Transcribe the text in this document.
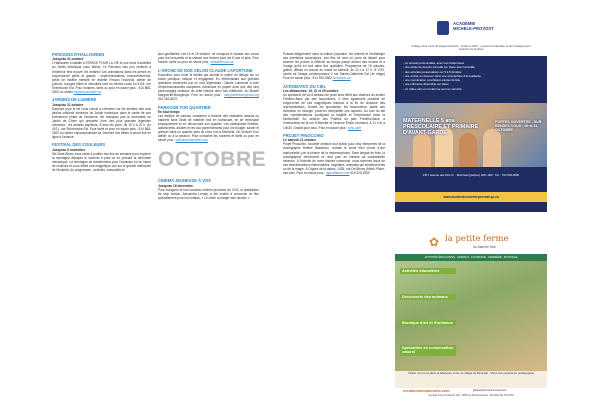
FRISSONS D'HALLOWEEN
Jusqu'au 31 octobre
L'Halloween s'installe à ESPACE POUR LA VIE et une foule d'activités au Jardin botanique vous attend. Le Parcours des peu sentiers à l'extérieur fera trouver les enfants! Les animations dans les serres en surprendront petits et grands : expérimentations, ensorcellements, pièce de théâtre mettant en vedette Frisson l'écureuil, atelier de potions, courges folles et citrouilles sont au rendez-vous! Au 4101, rue Sherbrooke Est. Pour horaires, tarifs ou pour en savoir plus : 514 868-3000 ou visitez espacepourlavie.ca
JARDINS DE LUMIÈRE
Jusqu'au 31 octobre
Explorez pour la vie vous convie à cheminer sur les sentiers des trois jardins culturels lumineux du Jardin botanique dans le cadre de son événement phare de l'automne. Ne manquez pas la nouveauté du Jardin de Chine qui présente l'une des plus grandes légendes chinoises : les amants papillons. À tous les jours, de 19 h à 22 h. Au 4101, rue Sherbrooke Est. Pour tarifs et pour en savoir plus : 514 868-3000 ou visitez espacepourlavie.ca. Achetez vos billets à heure fixe en ligne à l'avance.
FESTIVAL DES COULEURS
Jusqu'au 5 novembre
Ski Saint-Bruno vous invite à profiter des fins de semaine pour explorer la montagne Attrapez le sommet à pied ou en prenant la remontée mécanique. La montagne se transformera pour l'occasion en un havre de couleurs et vous offrira une magnifique vue sur la grande métropole de Montréal. Au programme : activités, mascottes et
jeux gonflables! Les 14 et 15 octobre, ne manquez le chasse aux cocos pour les tout-petits et la chasse aux trésors pour les 6 ans et plus. Pour horaire, tarifs ou pour en savoir plus : skisaintbruno.ca
L'ARCHE DE NOÉ SELON CLAUDE LAFORTUNE
Exposition pour toute la famille qui aborde le mythe du déluge sur un mode poétique, ludique et engageant. En réfléchissant aux grandes questions soulevées par ce récit légendaire, Claude Lafortune a créé d'impressionnantes sculptures d'animaux en papier ainsi que des cinq personnages centraux de cette histoire deux fois millénaire. Au Musée Marguerite-Bourgeoys. Pour en savoir plus : margueritebourgeoys.org 514 282-8670
PARKOUR TON QUARTIER
En tout temps
Les ateliers de parkour consistent à franchir des obstacles urbains ou naturels sans l'aide de matériel tout en s'amusant, en se renforçant physiquement et en découvrant son quartier. Les participants Enfants, adolescents, adultes et les duo parent/enfants pour ont bouger, sauter et grimper dans un quartier près de chez eux à Montréal. On s'inscrit à un atelier ou à la session. Pour connaître les horaires et tarifs ou pour en savoir plus : parkourtonquartier.com
OCTOBRE
CINÉMA JEUNESSE À VOX
Jusqu'au 16 décembre
Pour inaugurer le tout nouveau cinéma jeunesse de VOX, la réalisatrice de stop motion, Alexandra Lemay, a été invitée à concevoir un film spécialement pour les enfants, « Le chien a mangé mes devoirs ».
Puisant allègrement dans la culture populaire, les mèmes et l'esthétique des interfaces numériques, son film se veut un point de départ pour amener les jeunes à réfléchir au temps passé devant des écrans et à l'usage qu'ils en font dans leur quotidien. Programme de 15 minutes, gratuit, diffusé en boucle du mardi au samedi, de 11 h à 17 h. À VOX, centre de l'image contemporaine 2 rue Sainte-Catherine Est (4e étage) Pour en savoir plus : 514 390-0382 centrevox.ca
ACROBATES DU CIEL
Les dimanches, 15, 22 et 29 octobre
Un spectacle de vol d'oiseaux de proie sera offert aux visiteurs du sentier Frédéric-Back par des fauconniers. Il sera également possible de s'approcher de ces magnifiques oiseaux à la fin de chacune des représentations. Durant les spectacles, les fauconniers, ayant une formation en biologie, pourront démystifier ces rapaces. Au coin du fait des représentations soulignant la fragilité et l'importance dans la biodiversité. Au secteur des Prairies du parc Frédéric-Back, à l'intersection de la rue D'Iberville et l'avenue Émile-Journault. À 11 h et à 13h30. Gratuit pour tous. Pour en savoir plus : tohu.ca/fr
PROJET PINOCCHIO
Le samedi 21 octobre
Projet Pinocchio, nouvelle création tout public pour cinq interprètes de la chorégraphe Hélène Blackburn, revisite le conte bien connu d'une marionnette, par le prisme de la métamorphose. Sans langue de bois, la chorégraphie déconstruit ce récit pour en extraire sa substantielle essence. À l'échelle de notre histoire commune, nous sommes issus de ces transformations élémentaires, végétales, animales qui semblent lents ou de la magie. À l'Agora de la danse, 1435, rue De Bleury (Métro Place-des-Arts. Pour en savoir plus : agoradanse.com 514 525-1500
ACADÉMIE
MICHÈLE-PROVOST
Collège privé mixte de langue française · fondé en 1997 · menant à l'éducation et de l'enseignement supérieur du Québec
• un accueil personnalisé, avec tout d'abonnées
• une étude de devoirs surveillé sur place avec la famille
• des activités parascolaires sur 5 à 6 familles
• une entrée en douceur dans une atmosphère d'accueillante
• une coordination conciliation études famille
• une infirmerie disponible sur place
• un milieu sain où l'enfant se sent en sécurité
MATERNELLE 5 ans PRÉSCOLAIRE ET PRIMAIRE D'AVANT-GARDE
PORTES OUVERTES : SUR RENDEZ-VOUS · 20 et 21 OCTOBRE
1517 avenue des Pins O. · Montréal (Québec) H3G 1B3 · Tél. : 514 934-0596
www.academiemicheleprovost.qc.ca
✿ la petite ferme
du Marché Noir
ACTIVITÉS ÉDUCATIVES · ANIMAUX · FOURRAGE · FERMIÈRE · BOUTIQUE
Activités éducatives
Découverte des animaux
Boutique d'art et d'animaux
Spécialités en conservation naturel
Visitez nos cours dans la fabuleuse ferme du village de Montréal · Vivez une expérience pédagogique
creationsmoutonnoir.com	@lapetitefermedumoutonnoir
La petite ferme du Mouton Noir · 8895 rue Sherbrooke Est · Montréal 514 379-0788
